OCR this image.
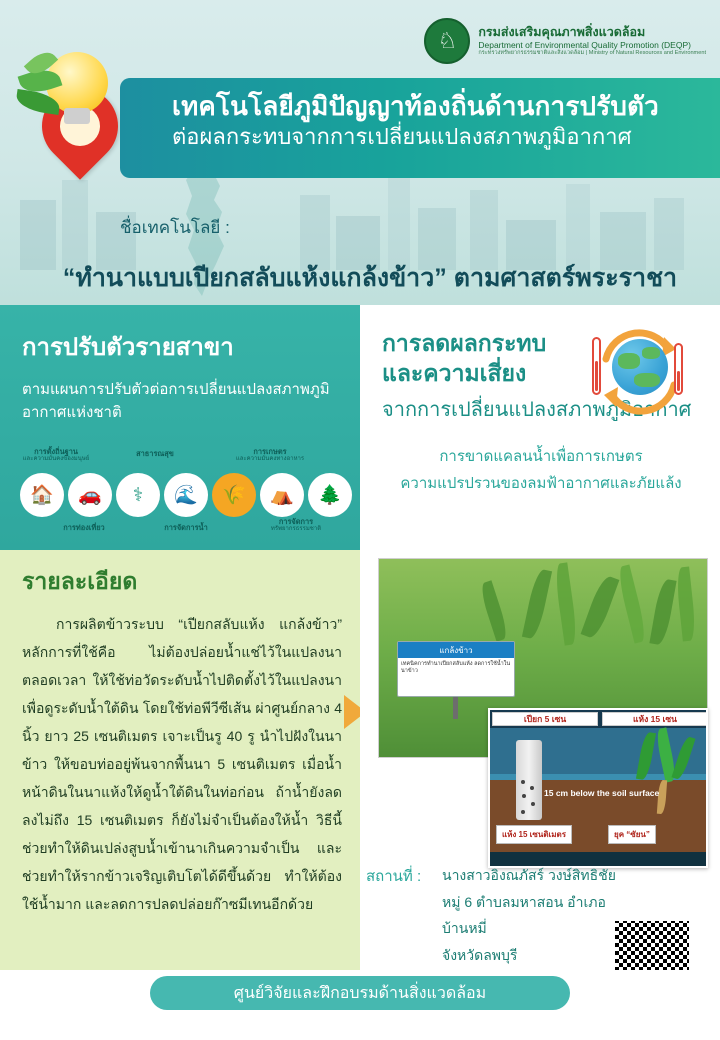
เทคโนโลยีภูมิปัญญาท้องถิ่นด้านการปรับตัว
ต่อผลกระทบจากการเปลี่ยนแปลงสภาพภูมิอากาศ
♘	กรมส่งเสริมคุณภาพสิ่งแวดล้อม
Department of Environmental Quality Promotion (DEQP)
กระทรวงทรัพยากรธรรมชาติและสิ่งแวดล้อม | Ministry of Natural Resources and Environment
ชื่อเทคโนโลยี :
“ทำนาแบบเปียกสลับแห้งแกล้งข้าว” ตามศาสตร์พระราชา
การปรับตัวรายสาขา
ตามแผนการปรับตัวต่อการเปลี่ยนแปลงสภาพภูมิอากาศแห่งชาติ
การตั้งถิ่นฐาน
และความมั่นคงของมนุษย์
สาธารณสุข	การเกษตร
และความมั่นคงทางอาหาร
🏠	🚗	⚕	🌊	🌾	⛺	🌲
การท่องเที่ยว	การจัดการน้ำ
การจัดการ
ทรัพยากรธรรมชาติ
การลดผลกระทบ
และความเสี่ยง
จากการเปลี่ยนแปลงสภาพภูมิอากาศ
การขาดแคลนน้ำเพื่อการเกษตร
ความแปรปรวนของลมฟ้าอากาศและภัยแล้ง
รายละเอียด
การผลิตข้าวระบบ “เปียกสลับแห้ง แกล้งข้าว” หลักการที่ใช้คือ ไม่ต้องปล่อยน้ำแช่ไว้ในแปลงนาตลอดเวลา ให้ใช้ท่อวัดระดับน้ำไปติดตั้งไว้ในแปลงนา เพื่อดูระดับน้ำใต้ดิน โดยใช้ท่อพีวีซีเส้น ผ่าศูนย์กลาง 4 นิ้ว ยาว 25 เซนติเมตร เจาะเป็นรู 40 รู นำไปฝังในนาข้าว ให้ขอบท่ออยู่พ้นจากพื้นนา 5 เซนติเมตร เมื่อน้ำหน้าดินในนาแห้งให้ดูน้ำใต้ดินในท่อก่อน ถ้าน้ำยังลดลงไม่ถึง 15 เซนติเมตร ก็ยังไม่จำเป็นต้องให้น้ำ วิธีนี้ช่วยทำให้ดินเปล่งสูบน้ำเข้านาเกินความจำเป็น และช่วยทำให้รากข้าวเจริญเติบโตได้ดีขึ้นด้วย ทำให้ต้องใช้น้ำมาก และลดการปลดปล่อยก๊าซมีเทนอีกด้วย
แกล้งข้าว
เทคนิคการทำนาเปียกสลับแห้ง ลดการใช้น้ำในนาข้าว
เปียก 5 เซน	แห้ง 15 เซน
15 cm below the soil surface
แห้ง 15 เซนติเมตร	ยุค “ซัยน”
สถานที่ : นางสาวอิงณภัสร์ วงษ์สิทธิชัย
หมู่ 6 ตำบลมหาสอน อำเภอบ้านหมี่
จังหวัดลพบุรี
ศูนย์วิจัยและฝึกอบรมด้านสิ่งแวดล้อม
